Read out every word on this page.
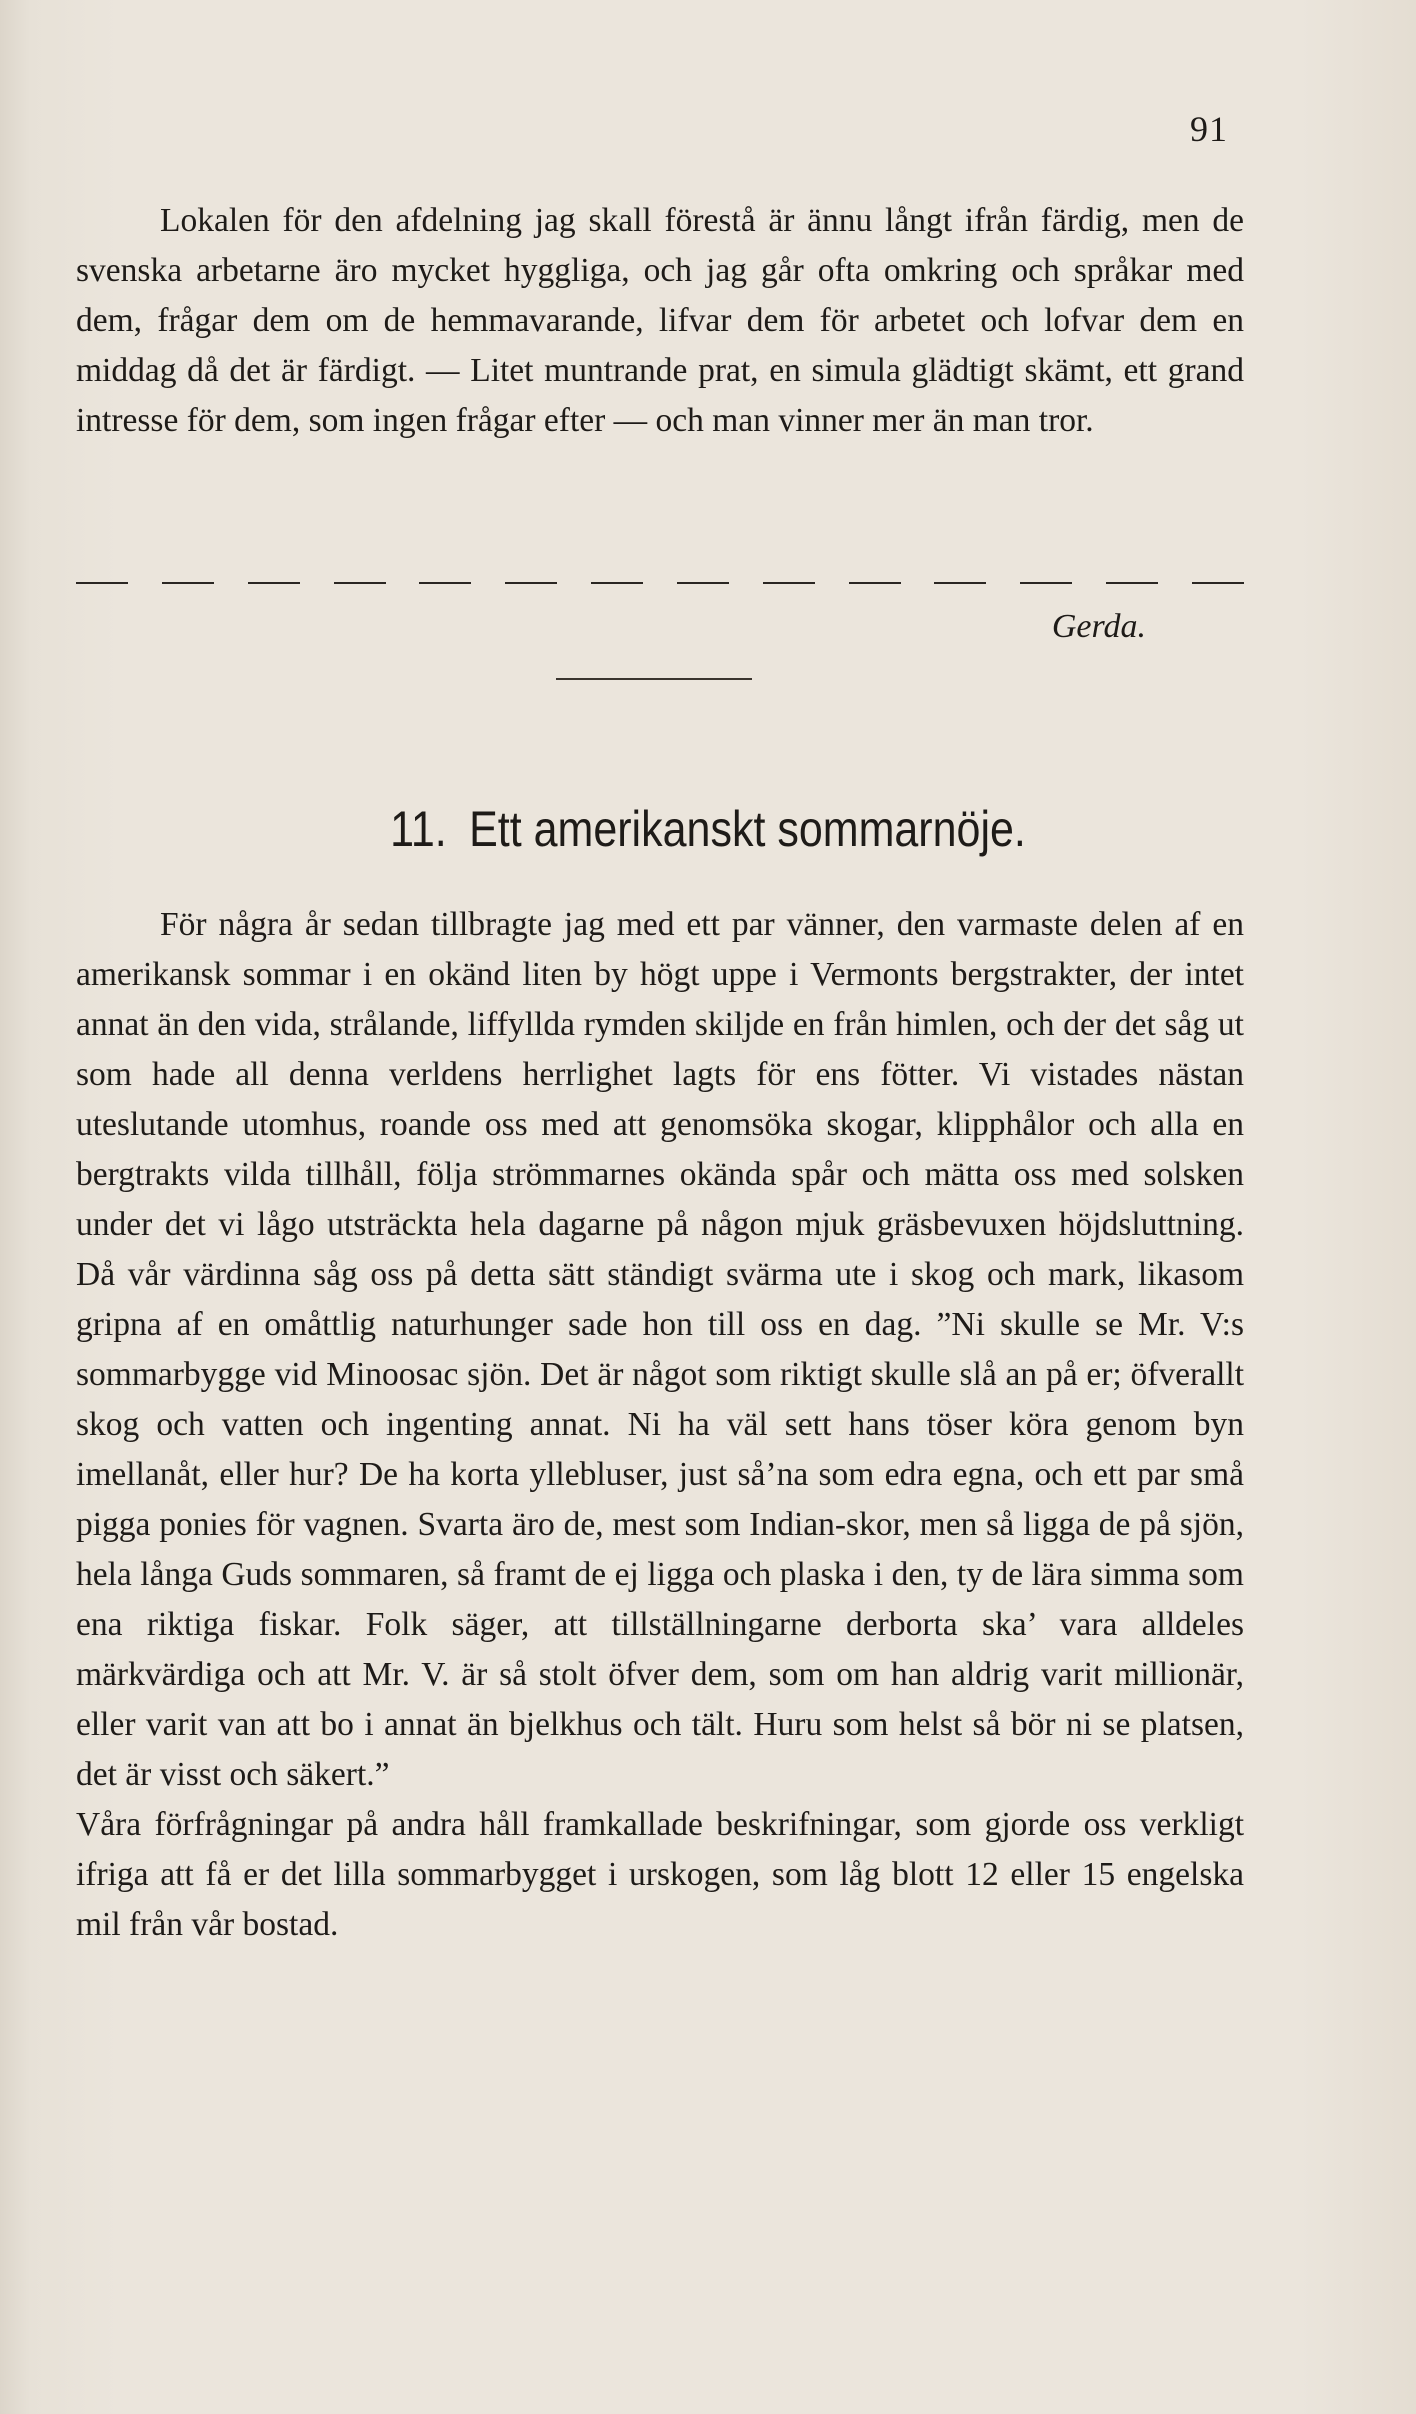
91

Lokalen för den afdelning jag skall förestå är ännu långt ifrån färdig, men de svenska arbetarne äro mycket hyggliga, och jag går ofta omkring och språkar med dem, frågar dem om de hemmavarande, lifvar dem för arbetet och lofvar dem en middag då det är färdigt. — Litet muntrande prat, en simula glädtigt skämt, ett grand intresse för dem, som ingen frågar efter — och man vinner mer än man tror.

Gerda.
11. Ett amerikanskt sommarnöje.

För några år sedan tillbragte jag med ett par vänner, den varmaste delen af en amerikansk sommar i en okänd liten by högt uppe i Vermonts bergstrakter, der intet annat än den vida, strålande, liffyllda rymden skiljde en från himlen, och der det såg ut som hade all denna verldens herrlighet lagts för ens fötter. Vi vistades nästan uteslutande utomhus, roande oss med att genomsöka skogar, klipphålor och alla en bergtrakts vilda tillhåll, följa strömmarnes okända spår och mätta oss med solsken under det vi lågo utsträckta hela dagarne på någon mjuk gräsbevuxen höjdsluttning. Då vår värdinna såg oss på detta sätt ständigt svärma ute i skog och mark, likasom gripna af en omåttlig naturhunger sade hon till oss en dag. ”Ni skulle se Mr. V:s sommarbygge vid Minoosac sjön. Det är något som riktigt skulle slå an på er; öfverallt skog och vatten och ingenting annat. Ni ha väl sett hans töser köra genom byn imellanåt, eller hur? De ha korta yllebluser, just så’na som edra egna, och ett par små pigga ponies för vagnen. Svarta äro de, mest som Indian-skor, men så ligga de på sjön, hela långa Guds sommaren, så framt de ej ligga och plaska i den, ty de lära simma som ena riktiga fiskar. Folk säger, att tillställningarne derborta ska’ vara alldeles märkvärdiga och att Mr. V. är så stolt öfver dem, som om han aldrig varit millionär, eller varit van att bo i annat än bjelkhus och tält. Huru som helst så bör ni se platsen, det är visst och säkert.”

Våra förfrågningar på andra håll framkallade beskrifningar, som gjorde oss verkligt ifriga att få er det lilla sommarbygget i urskogen, som låg blott 12 eller 15 engelska mil från vår bostad.
